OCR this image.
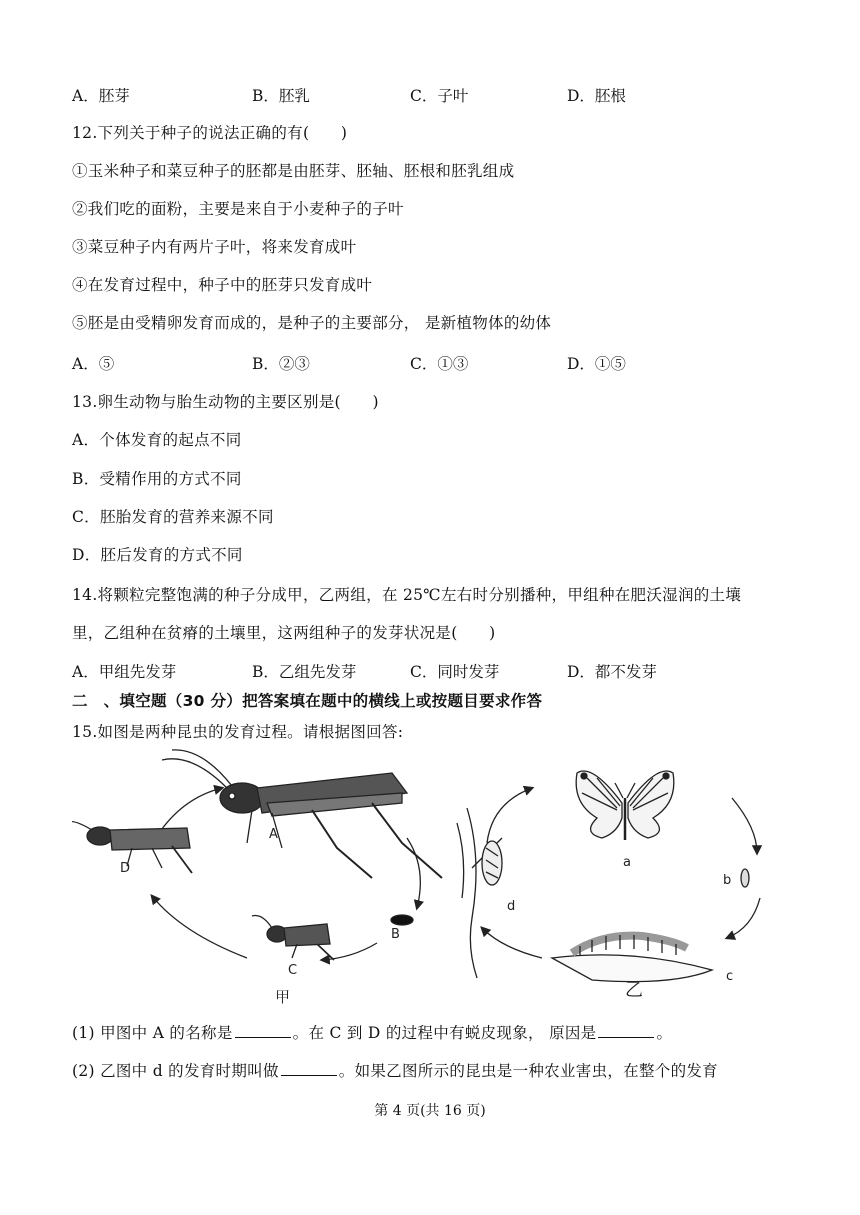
A．胚芽	B．胚乳	C．子叶	D．胚根
12.下列关于种子的说法正确的有(　　)
①玉米种子和菜豆种子的胚都是由胚芽、胚轴、胚根和胚乳组成
②我们吃的面粉，主要是来自于小麦种子的子叶
③菜豆种子内有两片子叶，将来发育成叶
④在发育过程中，种子中的胚芽只发育成叶
⑤胚是由受精卵发育而成的，是种子的主要部分， 是新植物体的幼体
A．⑤	B．②③	C．①③	D．①⑤
13.卵生动物与胎生动物的主要区别是(　　)
A．个体发育的起点不同
B．受精作用的方式不同
C．胚胎发育的营养来源不同
D．胚后发育的方式不同
14.将颗粒完整饱满的种子分成甲，乙两组，在 25℃左右时分别播种，甲组种在肥沃湿润的土壤
里，乙组种在贫瘠的土壤里，这两组种子的发芽状况是(　　)
A．甲组先发芽	B．乙组先发芽	C．同时发芽	D．都不发芽
二　、填空题（30 分）把答案填在题中的横线上或按题目要求作答
15.如图是两种昆虫的发育过程。请根据图回答:
A
B
C
D
甲
a
b
c
d
乙
(1) 甲图中 A 的名称是	。在 C 到 D 的过程中有蜕皮现象， 原因是	。
(2) 乙图中 d 的发育时期叫做	。如果乙图所示的昆虫是一种农业害虫，在整个的发育
第 4 页(共 16 页)
